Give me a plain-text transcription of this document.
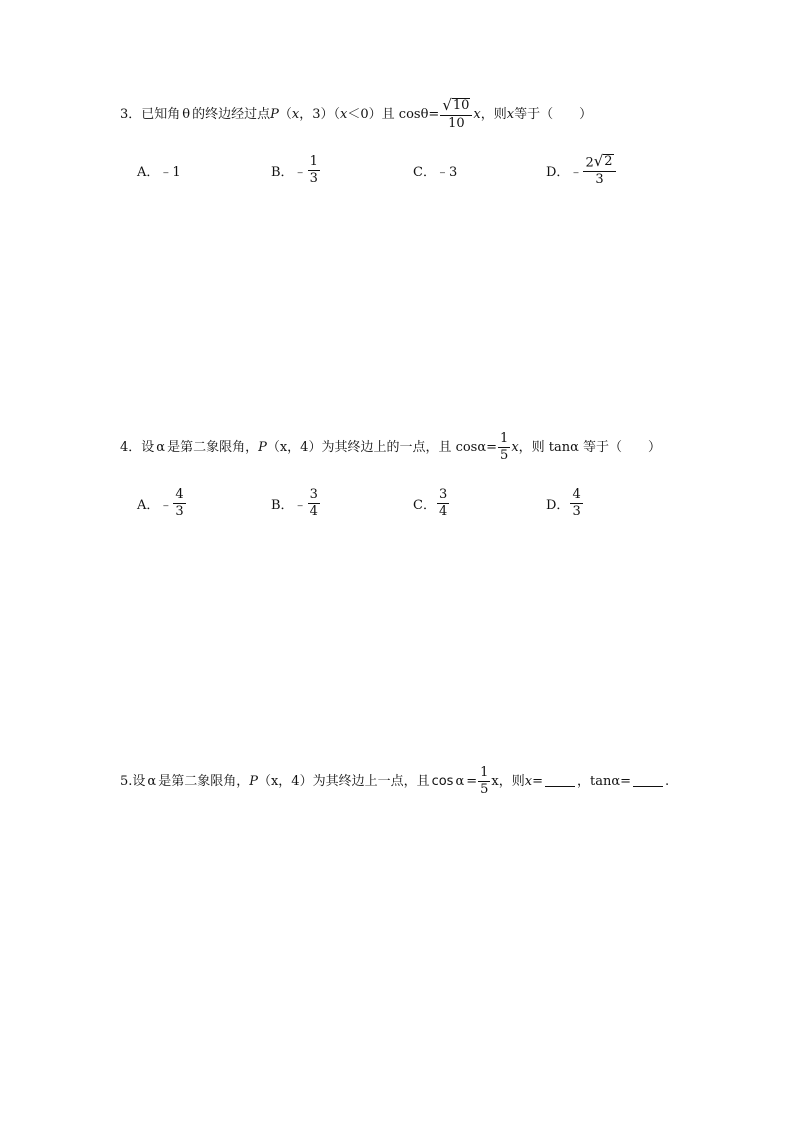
3． 已知角 θ 的终边经过点 P （ x ， 3）（ x ＜0）且 $\cos \theta= \frac{√ 10}{10}$ x ，则 x 等于（　　）
A． ﹣1	B． ﹣ $\frac{1}{3}$	C． ﹣3	D． ﹣ $\frac{2 √ 2}{3}$
4． 设 α 是第二象限角， P （x，4）为其终边上的一点，且 $\cos\alpha= \frac{1}{5}$ x ，则 tanα 等于（　　）
A． ﹣ $\frac{4}{3}$	B． ﹣ $\frac{3}{4}$	C． $\frac{3}{4}$	D． $\frac{4}{3}$
5. 设 α 是第二象限角， P （x，4）为其终边上一点，且 $\cos \alpha = \frac{1}{5}$ x ，则 x=	，tanα=	.
